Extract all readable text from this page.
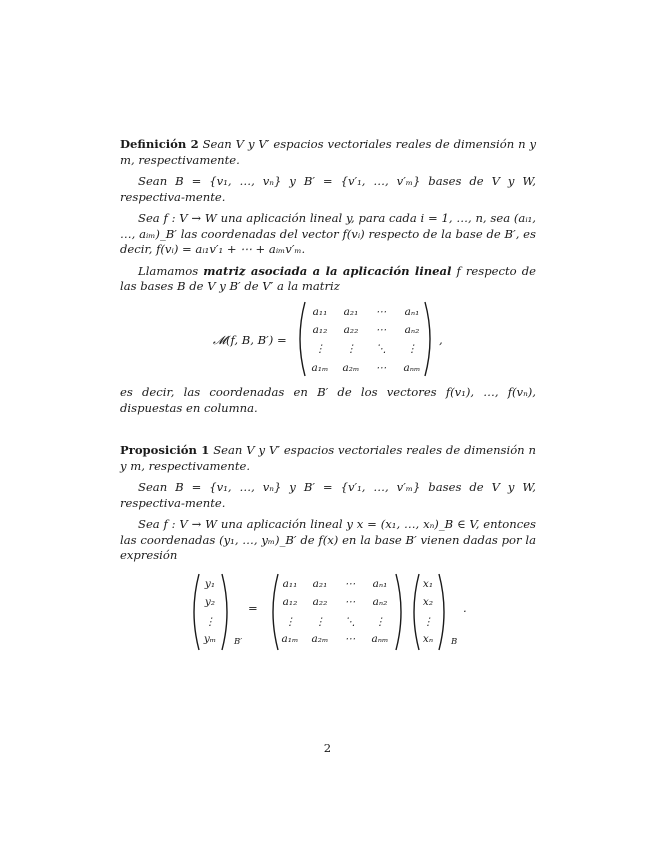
Definición 2 Sean V y V′ espacios vectoriales reales de dimensión n y m, respectivamente.

Sean B = {v₁, …, vₙ} y B′ = {v′₁, …, v′ₘ} bases de V y W, respectiva-mente.

Sea f : V → W una aplicación lineal y, para cada i = 1, …, n, sea (aᵢ₁, …, aᵢₘ)_B′ las coordenadas del vector f(vᵢ) respecto de la base de B′, es decir, f(vᵢ) = aᵢ₁v′₁ + ⋯ + aᵢₘv′ₘ.

Llamamos matriz asociada a la aplicación lineal f respecto de las bases B de V y B′ de V′ a la matriz

𝓜(f, B, B′) =
a₁₁	a₂₁	⋯	aₙ₁
a₁₂	a₂₂	⋯	aₙ₂
⋮	⋮	⋱	⋮
a₁ₘ	a₂ₘ	⋯	aₙₘ
,

es decir, las coordenadas en B′ de los vectores f(v₁), …, f(vₙ), dispuestas en columna.

Proposición 1 Sean V y V′ espacios vectoriales reales de dimensión n y m, respectivamente.

Sean B = {v₁, …, vₙ} y B′ = {v′₁, …, v′ₘ} bases de V y W, respectiva-mente.

Sea f : V → W una aplicación lineal y x = (x₁, …, xₙ)_B ∈ V, entonces las coordenadas (y₁, …, yₘ)_B′ de f(x) en la base B′ vienen dadas por la expresión

y₁
y₂
⋮
yₘ	B′
=
a₁₁	a₂₁	⋯	aₙ₁
a₁₂	a₂₂	⋯	aₙ₂
⋮	⋮	⋱	⋮
a₁ₘ	a₂ₘ	⋯	aₙₘ
x₁
x₂
⋮
xₙ	B
.
2
